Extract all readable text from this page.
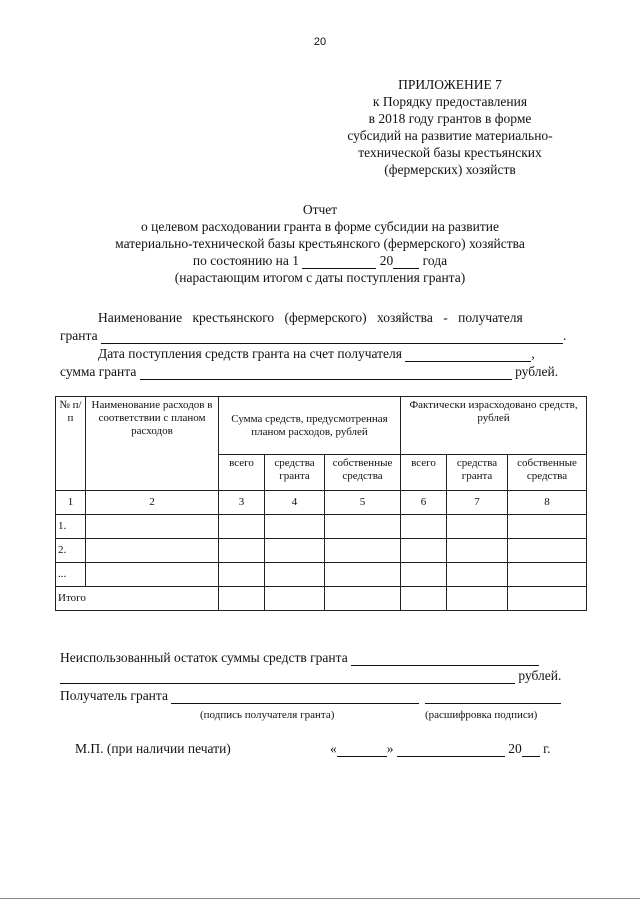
20
ПРИЛОЖЕНИЕ 7
к Порядку предоставления
в 2018 году грантов в форме
субсидий на развитие материально-
технической базы крестьянских
(фермерских) хозяйств
Отчет
о целевом расходовании гранта в форме субсидии на развитие
материально-технической базы крестьянского (фермерского) хозяйства
по состоянию на 1	20 года
(нарастающим итогом с даты поступления гранта)
Наименование крестьянского (фермерского) хозяйства - получателя
гранта	.
Дата поступления средств гранта на счет получателя	,
сумма гранта	рублей.
№ п/п	Наименование расходов в соответствии с планом расходов	Сумма средств, предусмотренная планом расходов, рублей			Фактически израсходовано средств, рублей		
		всего	средства гранта	собственные средства	всего	средства гранта	собственные средства
1	2	3	4	5	6	7	8
1.							
2.							
...							
Итого							
Неиспользованный остаток суммы средств гранта
рублей.
Получатель гранта
(подпись получателя гранта)	(расшифровка подписи)
М.П. (при наличии печати)	«	»	20 г.
